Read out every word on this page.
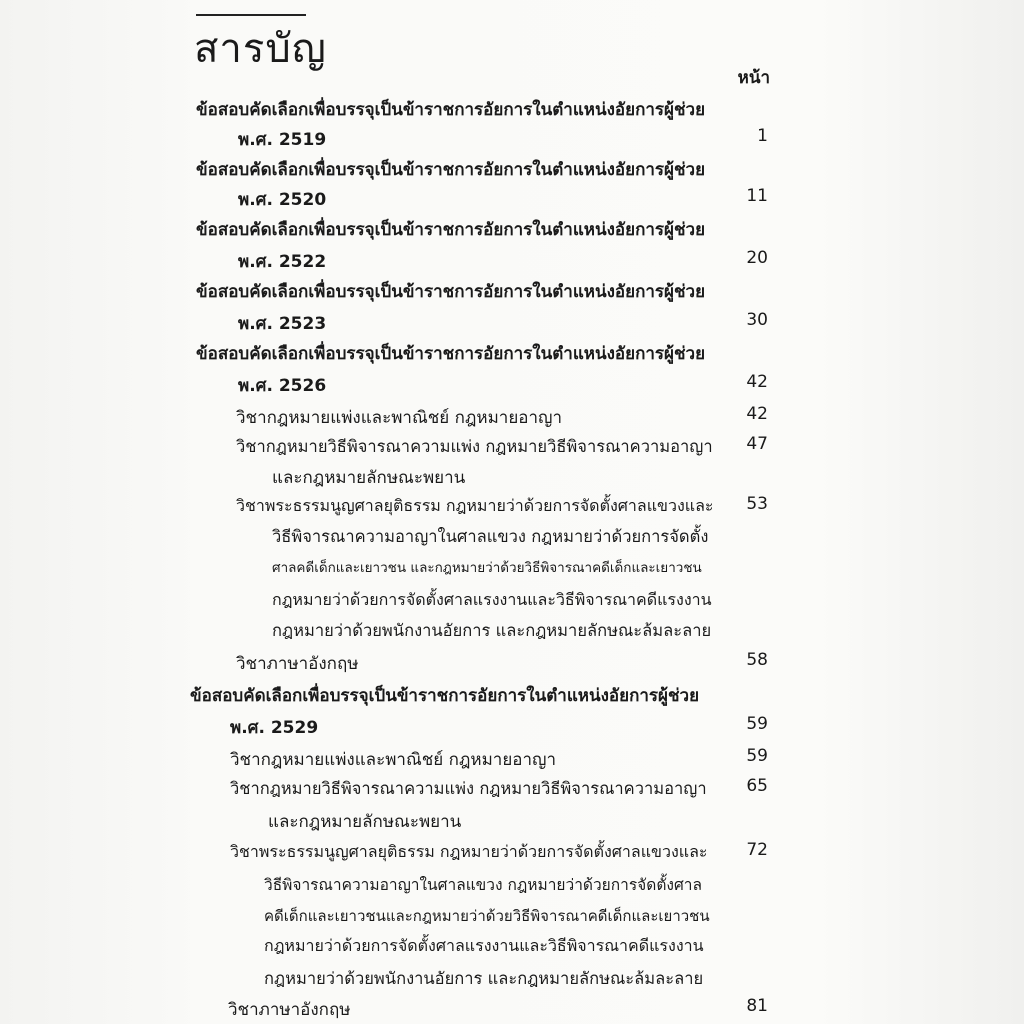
สารบัญ
หน้า
ข้อสอบคัดเลือกเพื่อบรรจุเป็นข้าราชการอัยการในตำแหน่งอัยการผู้ช่วย
พ.ศ. 2519	1
ข้อสอบคัดเลือกเพื่อบรรจุเป็นข้าราชการอัยการในตำแหน่งอัยการผู้ช่วย
พ.ศ. 2520	11
ข้อสอบคัดเลือกเพื่อบรรจุเป็นข้าราชการอัยการในตำแหน่งอัยการผู้ช่วย
พ.ศ. 2522	20
ข้อสอบคัดเลือกเพื่อบรรจุเป็นข้าราชการอัยการในตำแหน่งอัยการผู้ช่วย
พ.ศ. 2523	30
ข้อสอบคัดเลือกเพื่อบรรจุเป็นข้าราชการอัยการในตำแหน่งอัยการผู้ช่วย
พ.ศ. 2526	42
วิชากฎหมายแพ่งและพาณิชย์ กฎหมายอาญา	42
วิชากฎหมายวิธีพิจารณาความแพ่ง กฎหมายวิธีพิจารณาความอาญา	47
และกฎหมายลักษณะพยาน
วิชาพระธรรมนูญศาลยุติธรรม กฎหมายว่าด้วยการจัดตั้งศาลแขวงและ	53
วิธีพิจารณาความอาญาในศาลแขวง กฎหมายว่าด้วยการจัดตั้ง
ศาลคดีเด็กและเยาวชน และกฎหมายว่าด้วยวิธีพิจารณาคดีเด็กและเยาวชน
กฎหมายว่าด้วยการจัดตั้งศาลแรงงานและวิธีพิจารณาคดีแรงงาน
กฎหมายว่าด้วยพนักงานอัยการ และกฎหมายลักษณะล้มละลาย
วิชาภาษาอังกฤษ	58
ข้อสอบคัดเลือกเพื่อบรรจุเป็นข้าราชการอัยการในตำแหน่งอัยการผู้ช่วย
พ.ศ. 2529	59
วิชากฎหมายแพ่งและพาณิชย์ กฎหมายอาญา	59
วิชากฎหมายวิธีพิจารณาความแพ่ง กฎหมายวิธีพิจารณาความอาญา	65
และกฎหมายลักษณะพยาน
วิชาพระธรรมนูญศาลยุติธรรม กฎหมายว่าด้วยการจัดตั้งศาลแขวงและ	72
วิธีพิจารณาความอาญาในศาลแขวง กฎหมายว่าด้วยการจัดตั้งศาล
คดีเด็กและเยาวชนและกฎหมายว่าด้วยวิธีพิจารณาคดีเด็กและเยาวชน
กฎหมายว่าด้วยการจัดตั้งศาลแรงงานและวิธีพิจารณาคดีแรงงาน
กฎหมายว่าด้วยพนักงานอัยการ และกฎหมายลักษณะล้มละลาย
วิชาภาษาอังกฤษ	81
